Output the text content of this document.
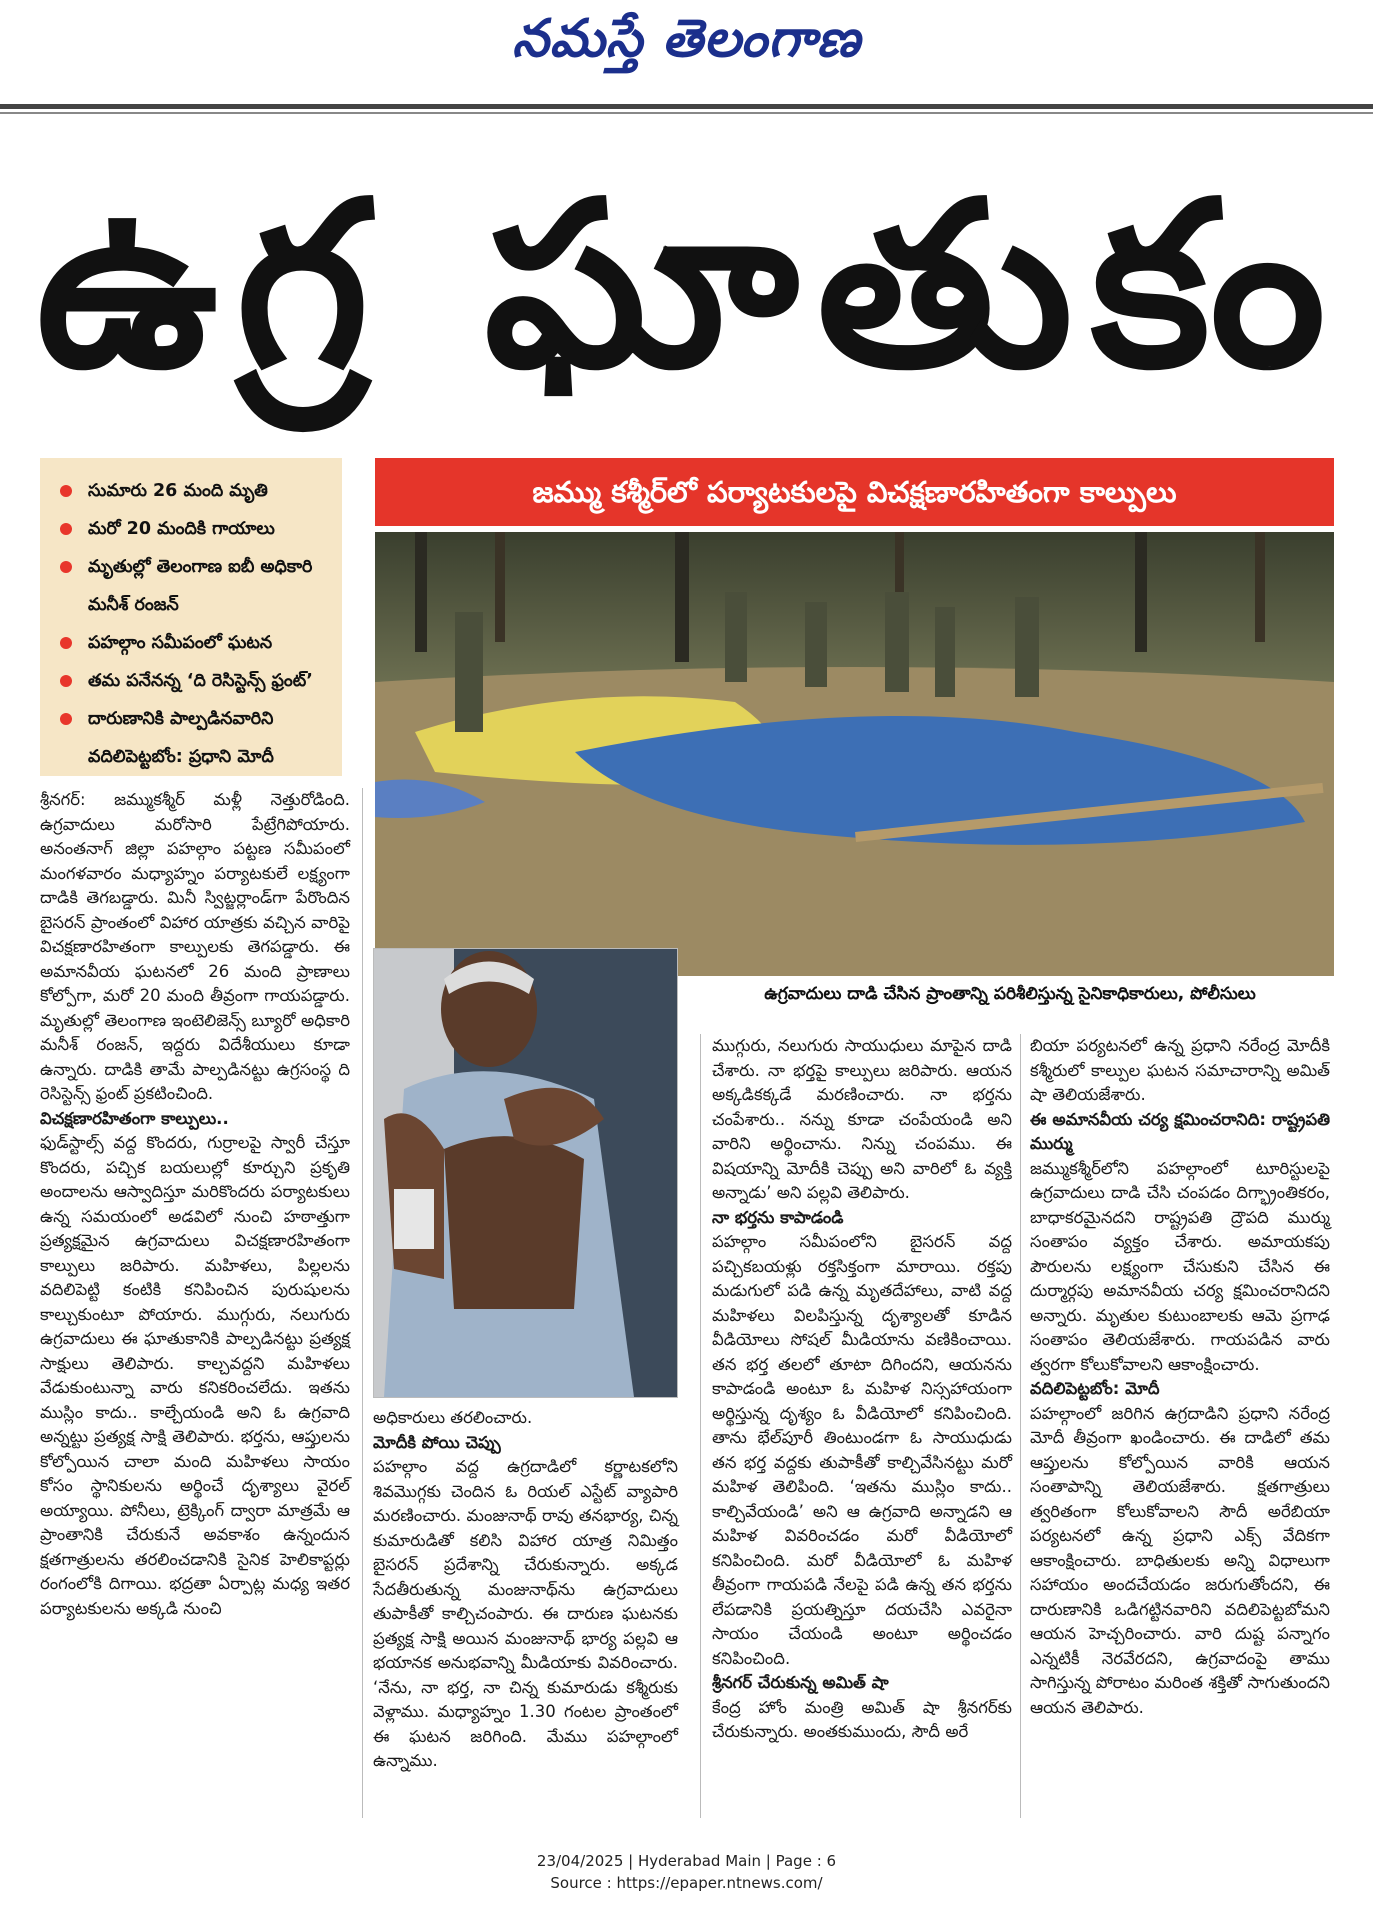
నమస్తే తెలంగాణ
ఉగ్ర ఘాతుకం
సుమారు 26 మంది మృతి
మరో 20 మందికి గాయాలు
మృతుల్లో తెలంగాణ ఐబీ అధికారి మనీశ్ రంజన్
పహల్గాం సమీపంలో ఘటన
తమ పనేనన్న ‘ది రెసిస్టెన్స్ ఫ్రంట్’
దారుణానికి పాల్పడినవారిని వదిలిపెట్టబోం: ప్రధాని మోదీ
జమ్ము కశ్మీర్‌లో పర్యాటకులపై విచక్షణారహితంగా కాల్పులు
ఉగ్రవాదులు దాడి చేసిన ప్రాంతాన్ని పరిశీలిస్తున్న సైనికాధికారులు, పోలీసులు

శ్రీనగర్: జమ్ముకశ్మీర్ మళ్లీ నెత్తురోడింది. ఉగ్రవాదులు మరోసారి పేట్రేగిపోయారు. అనంతనాగ్ జిల్లా పహల్గాం పట్టణ సమీపంలో మంగళవారం మధ్యాహ్నం పర్యాటకులే లక్ష్యంగా దాడికి తెగబడ్డారు. మినీ స్విట్జర్లాండ్‌గా పేరొందిన బైసరన్ ప్రాంతంలో విహార యాత్రకు వచ్చిన వారిపై విచక్షణారహితంగా కాల్పులకు తెగపడ్డారు. ఈ అమానవీయ ఘటనలో 26 మంది ప్రాణాలు కోల్పోగా, మరో 20 మంది తీవ్రంగా గాయపడ్డారు. మృతుల్లో తెలంగాణ ఇంటెలిజెన్స్ బ్యూరో అధికారి మనీశ్ రంజన్, ఇద్దరు విదేశీయులు కూడా ఉన్నారు. దాడికి తామే పాల్పడినట్టు ఉగ్రసంస్థ ది రెసిస్టెన్స్ ఫ్రంట్ ప్రకటించింది.

విచక్షణారహితంగా కాల్పులు..

ఫుడ్‌స్టాల్స్ వద్ద కొందరు, గుర్రాలపై స్వారీ చేస్తూ కొందరు, పచ్చిక బయలుల్లో కూర్చుని ప్రకృతి అందాలను ఆస్వాదిస్తూ మరికొందరు పర్యాటకులు ఉన్న సమయంలో అడవిలో నుంచి హఠాత్తుగా ప్రత్యక్షమైన ఉగ్రవాదులు విచక్షణారహితంగా కాల్పులు జరిపారు. మహిళలు, పిల్లలను వదిలిపెట్టి కంటికి కనిపించిన పురుషులను కాల్చుకుంటూ పోయారు. ముగ్గురు, నలుగురు ఉగ్రవాదులు ఈ ఘాతుకానికి పాల్పడినట్టు ప్రత్యక్ష సాక్షులు తెలిపారు. కాల్చవద్దని మహిళలు వేడుకుంటున్నా వారు కనికరించలేదు. ఇతను ముస్లిం కాదు.. కాల్చేయండి అని ఓ ఉగ్రవాది అన్నట్టు ప్రత్యక్ష సాక్షి తెలిపారు. భర్తను, ఆప్తులను కోల్పోయిన చాలా మంది మహిళలు సాయం కోసం స్థానికులను అర్థించే దృశ్యాలు వైరల్ అయ్యాయి. పోనీలు, ట్రెక్కింగ్ ద్వారా మాత్రమే ఆ ప్రాంతానికి చేరుకునే అవకాశం ఉన్నందున క్షతగాత్రులను తరలించడానికి సైనిక హెలికాప్టర్లు రంగంలోకి దిగాయి. భద్రతా ఏర్పాట్ల మధ్య ఇతర పర్యాటకులను అక్కడి నుంచి

అధికారులు తరలించారు.

మోదీకి పోయి చెప్పు

పహల్గాం వద్ద ఉగ్రదాడిలో కర్ణాటకలోని శివమొగ్గకు చెందిన ఓ రియల్ ఎస్టేట్ వ్యాపారి మరణించారు. మంజునాథ్ రావు తనభార్య, చిన్న కుమారుడితో కలిసి విహార యాత్ర నిమిత్తం బైసరన్ ప్రదేశాన్ని చేరుకున్నారు. అక్కడ సేదతీరుతున్న మంజునాథ్‌ను ఉగ్రవాదులు తుపాకీతో కాల్చిచంపారు. ఈ దారుణ ఘటనకు ప్రత్యక్ష సాక్షి అయిన మంజునాథ్ భార్య పల్లవి ఆ భయానక అనుభవాన్ని మీడియాకు వివరించారు. ‘నేను, నా భర్త, నా చిన్న కుమారుడు కశ్మీరుకు వెళ్లాము. మధ్యాహ్నం 1.30 గంటల ప్రాంతంలో ఈ ఘటన జరిగింది. మేము పహల్గాంలో ఉన్నాము.

ముగ్గురు, నలుగురు సాయుధులు మాపైన దాడి చేశారు. నా భర్తపై కాల్పులు జరిపారు. ఆయన అక్కడికక్కడే మరణించారు. నా భర్తను చంపేశారు.. నన్ను కూడా చంపేయండి అని వారిని అర్థించాను. నిన్ను చంపము. ఈ విషయాన్ని మోదీకి చెప్పు అని వారిలో ఓ వ్యక్తి అన్నాడు’ అని పల్లవి తెలిపారు.

నా భర్తను కాపాడండి

పహల్గాం సమీపంలోని బైసరన్ వద్ద పచ్చికబయళ్లు రక్తసిక్తంగా మారాయి. రక్తపు మడుగులో పడి ఉన్న మృతదేహాలు, వాటి వద్ద మహిళలు విలపిస్తున్న దృశ్యాలతో కూడిన వీడియోలు సోషల్ మీడియాను వణికించాయి. తన భర్త తలలో తూటా దిగిందని, ఆయనను కాపాడండి అంటూ ఓ మహిళ నిస్సహాయంగా అర్థిస్తున్న దృశ్యం ఓ వీడియోలో కనిపించింది. తాను భేల్‌పూరీ తింటుండగా ఓ సాయుధుడు తన భర్త వద్దకు తుపాకీతో కాల్చివేసినట్టు మరో మహిళ తెలిపింది. ‘ఇతను ముస్లిం కాదు.. కాల్చివేయండి’ అని ఆ ఉగ్రవాది అన్నాడని ఆ మహిళ వివరించడం మరో వీడియోలో కనిపించింది. మరో వీడియోలో ఓ మహిళ తీవ్రంగా గాయపడి నేలపై పడి ఉన్న తన భర్తను లేపడానికి ప్రయత్నిస్తూ దయచేసి ఎవరైనా సాయం చేయండి అంటూ అర్థించడం కనిపించింది.

శ్రీనగర్ చేరుకున్న అమిత్ షా

కేంద్ర హోం మంత్రి అమిత్ షా శ్రీనగర్‌కు చేరుకున్నారు. అంతకుముందు, సౌదీ అరే

బియా పర్యటనలో ఉన్న ప్రధాని నరేంద్ర మోదీకి కశ్మీరులో కాల్పుల ఘటన సమాచారాన్ని అమిత్ షా తెలియజేశారు.

ఈ అమానవీయ చర్య క్షమించరానిది: రాష్ట్రపతి ముర్ము

జమ్ముకశ్మీర్‌లోని పహల్గాంలో టూరిస్టులపై ఉగ్రవాదులు దాడి చేసి చంపడం దిగ్భ్రాంతికరం, బాధాకరమైనదని రాష్ట్రపతి ద్రౌపది ముర్ము సంతాపం వ్యక్తం చేశారు. అమాయకపు పౌరులను లక్ష్యంగా చేసుకుని చేసిన ఈ దుర్మార్గపు అమానవీయ చర్య క్షమించరానిదని అన్నారు. మృతుల కుటుంబాలకు ఆమె ప్రగాఢ సంతాపం తెలియజేశారు. గాయపడిన వారు త్వరగా కోలుకోవాలని ఆకాంక్షించారు.

వదిలిపెట్టబోం: మోదీ

పహల్గాంలో జరిగిన ఉగ్రదాడిని ప్రధాని నరేంద్ర మోదీ తీవ్రంగా ఖండించారు. ఈ దాడిలో తమ ఆప్తులను కోల్పోయిన వారికి ఆయన సంతాపాన్ని తెలియజేశారు. క్షతగాత్రులు త్వరితంగా కోలుకోవాలని సౌదీ అరేబియా పర్యటనలో ఉన్న ప్రధాని ఎక్స్ వేదికగా ఆకాంక్షించారు. బాధితులకు అన్ని విధాలుగా సహాయం అందచేయడం జరుగుతోందని, ఈ దారుణానికి ఒడిగట్టినవారిని వదిలిపెట్టబోమని ఆయన హెచ్చరించారు. వారి దుష్ట పన్నాగం ఎన్నటికీ నెరవేరదని, ఉగ్రవాదంపై తాము సాగిస్తున్న పోరాటం మరింత శక్తితో సాగుతుందని ఆయన తెలిపారు.

23/04/2025 | Hyderabad Main | Page : 6
Source : https://epaper.ntnews.com/
